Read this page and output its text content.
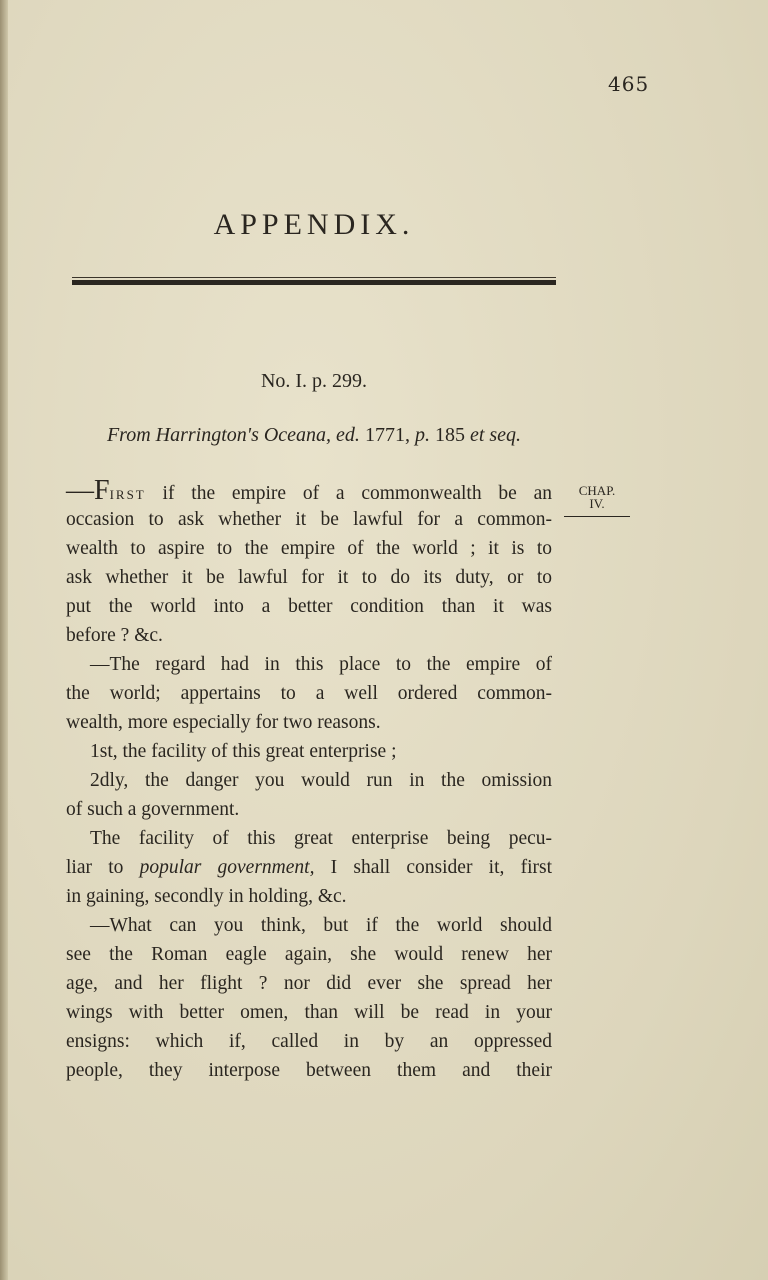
465
APPENDIX.
No. I. p. 299.
From Harrington's Oceana, ed. 1771, p. 185 et seq.
CHAP.
IV.
—FIRST if the empire of a commonwealth be an
occasion to ask whether it be lawful for a common-
wealth to aspire to the empire of the world ; it is to
ask whether it be lawful for it to do its duty, or to
put the world into a better condition than it was
before ? &c.
—The regard had in this place to the empire of
the world; appertains to a well ordered common-
wealth, more especially for two reasons.
1st, the facility of this great enterprise ;
2dly, the danger you would run in the omission
of such a government.
The facility of this great enterprise being pecu-
liar to popular government, I shall consider it, first
in gaining, secondly in holding, &c.
—What can you think, but if the world should
see the Roman eagle again, she would renew her
age, and her flight ? nor did ever she spread her
wings with better omen, than will be read in your
ensigns: which if, called in by an oppressed
people, they interpose between them and their
